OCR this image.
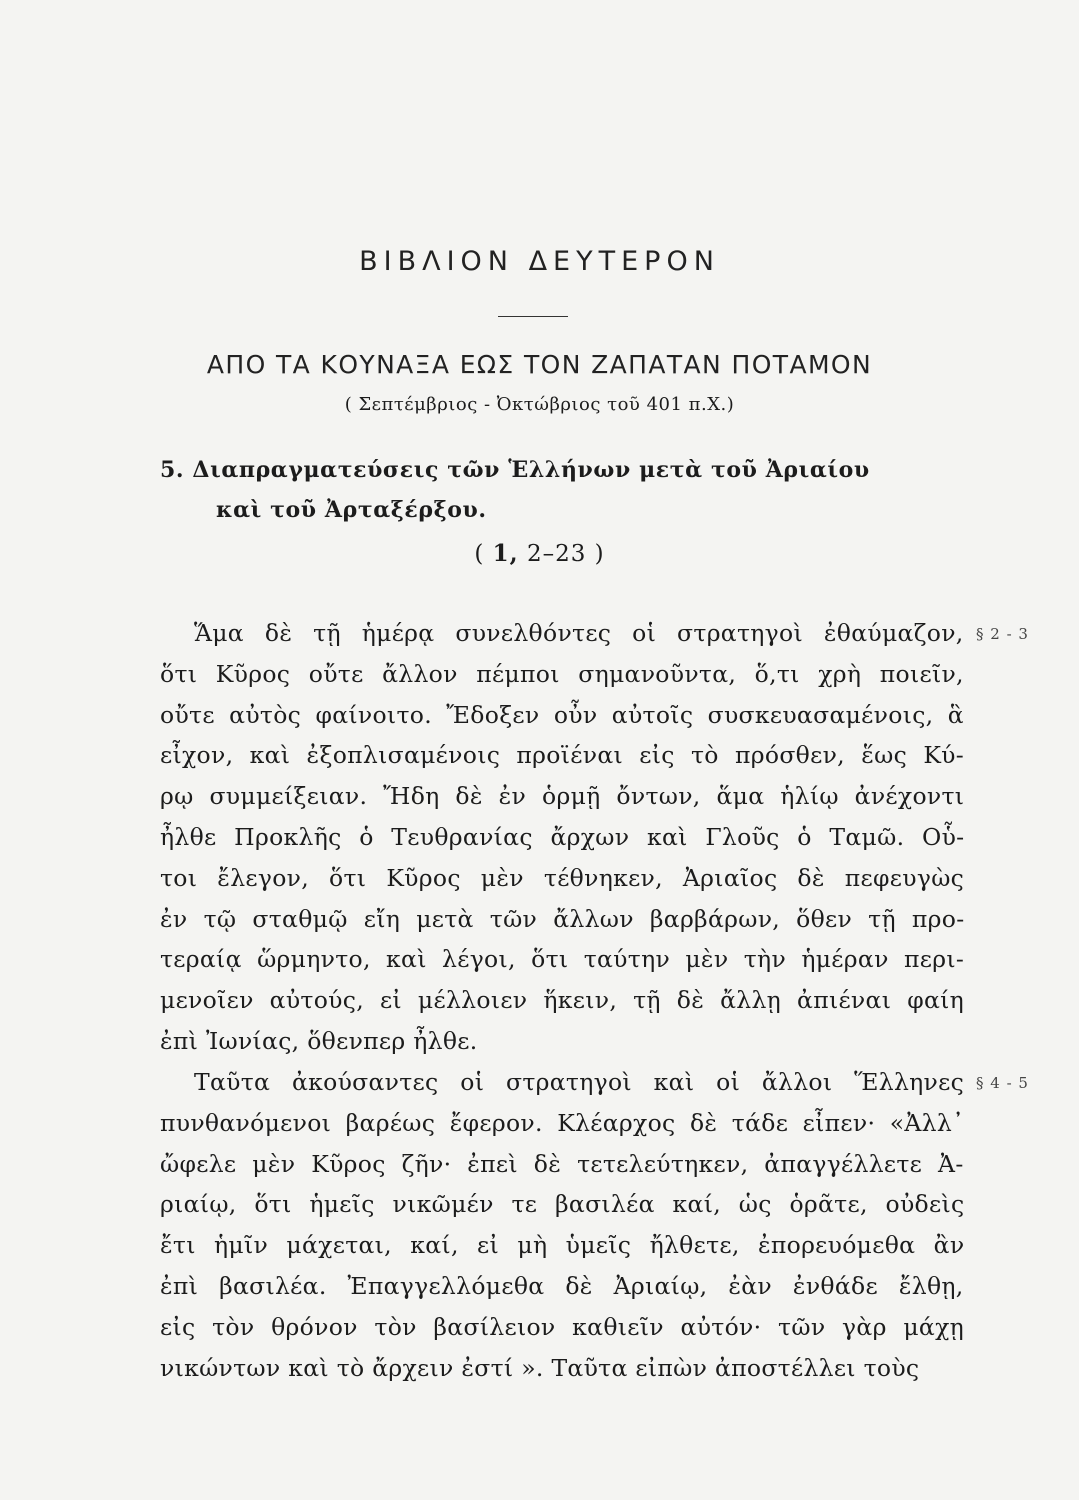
ΒΙΒΛΙΟΝ ΔΕΥΤΕΡΟΝ
ΑΠΟ ΤΑ ΚΟΥΝΑΞΑ ΕΩΣ ΤΟΝ ΖΑΠΑΤΑΝ ΠΟΤΑΜΟΝ
( Σεπτέμβριος - Ὀκτώβριος τοῦ 401 π.Χ.)
5. Διαπραγματεύσεις τῶν Ἑλλήνων μετὰ τοῦ Ἀριαίου
καὶ τοῦ Ἀρταξέρξου.
( 1, 2–23 )
Ἅμα δὲ τῇ ἡμέρᾳ συνελθόντες οἱ στρατηγοὶ ἐθαύμαζον,
ὅτι Κῦρος οὔτε ἄλλον πέμποι σημανοῦντα, ὅ,τι χρὴ ποιεῖν,
οὔτε αὐτὸς φαίνοιτο. Ἔδοξεν οὖν αὐτοῖς συσκευασαμένοις, ἃ
εἶχον, καὶ ἐξοπλισαμένοις προϊέναι εἰς τὸ πρόσθεν, ἕως Κύ-
ρῳ συμμείξειαν. Ἤδη δὲ ἐν ὁρμῇ ὄντων, ἅμα ἡλίῳ ἀνέχοντι
ἦλθε Προκλῆς ὁ Τευθρανίας ἄρχων καὶ Γλοῦς ὁ Ταμῶ. Οὗ-
τοι ἔλεγον, ὅτι Κῦρος μὲν τέθνηκεν, Ἀριαῖος δὲ πεφευγὼς
ἐν τῷ σταθμῷ εἴη μετὰ τῶν ἄλλων βαρβάρων, ὅθεν τῇ προ-
τεραίᾳ ὥρμηντο, καὶ λέγοι, ὅτι ταύτην μὲν τὴν ἡμέραν περι-
μενοῖεν αὐτούς, εἰ μέλλοιεν ἥκειν, τῇ δὲ ἄλλῃ ἀπιέναι φαίη
ἐπὶ Ἰωνίας, ὅθενπερ ἦλθε.
§ 2 - 3
Ταῦτα ἀκούσαντες οἱ στρατηγοὶ καὶ οἱ ἄλλοι Ἕλληνες
πυνθανόμενοι βαρέως ἔφερον. Κλέαρχος δὲ τάδε εἶπεν· «Ἀλλ᾽
ὤφελε μὲν Κῦρος ζῆν· ἐπεὶ δὲ τετελεύτηκεν, ἀπαγγέλλετε Ἀ-
ριαίῳ, ὅτι ἡμεῖς νικῶμέν τε βασιλέα καί, ὡς ὁρᾶτε, οὐδεὶς
ἔτι ἡμῖν μάχεται, καί, εἰ μὴ ὑμεῖς ἤλθετε, ἐπορευόμεθα ἂν
ἐπὶ βασιλέα. Ἐπαγγελλόμεθα δὲ Ἀριαίῳ, ἐὰν ἐνθάδε ἔλθῃ,
εἰς τὸν θρόνον τὸν βασίλειον καθιεῖν αὐτόν· τῶν γὰρ μάχῃ
νικώντων καὶ τὸ ἄρχειν ἐστί ». Ταῦτα εἰπὼν ἀποστέλλει τοὺς
§ 4 - 5
